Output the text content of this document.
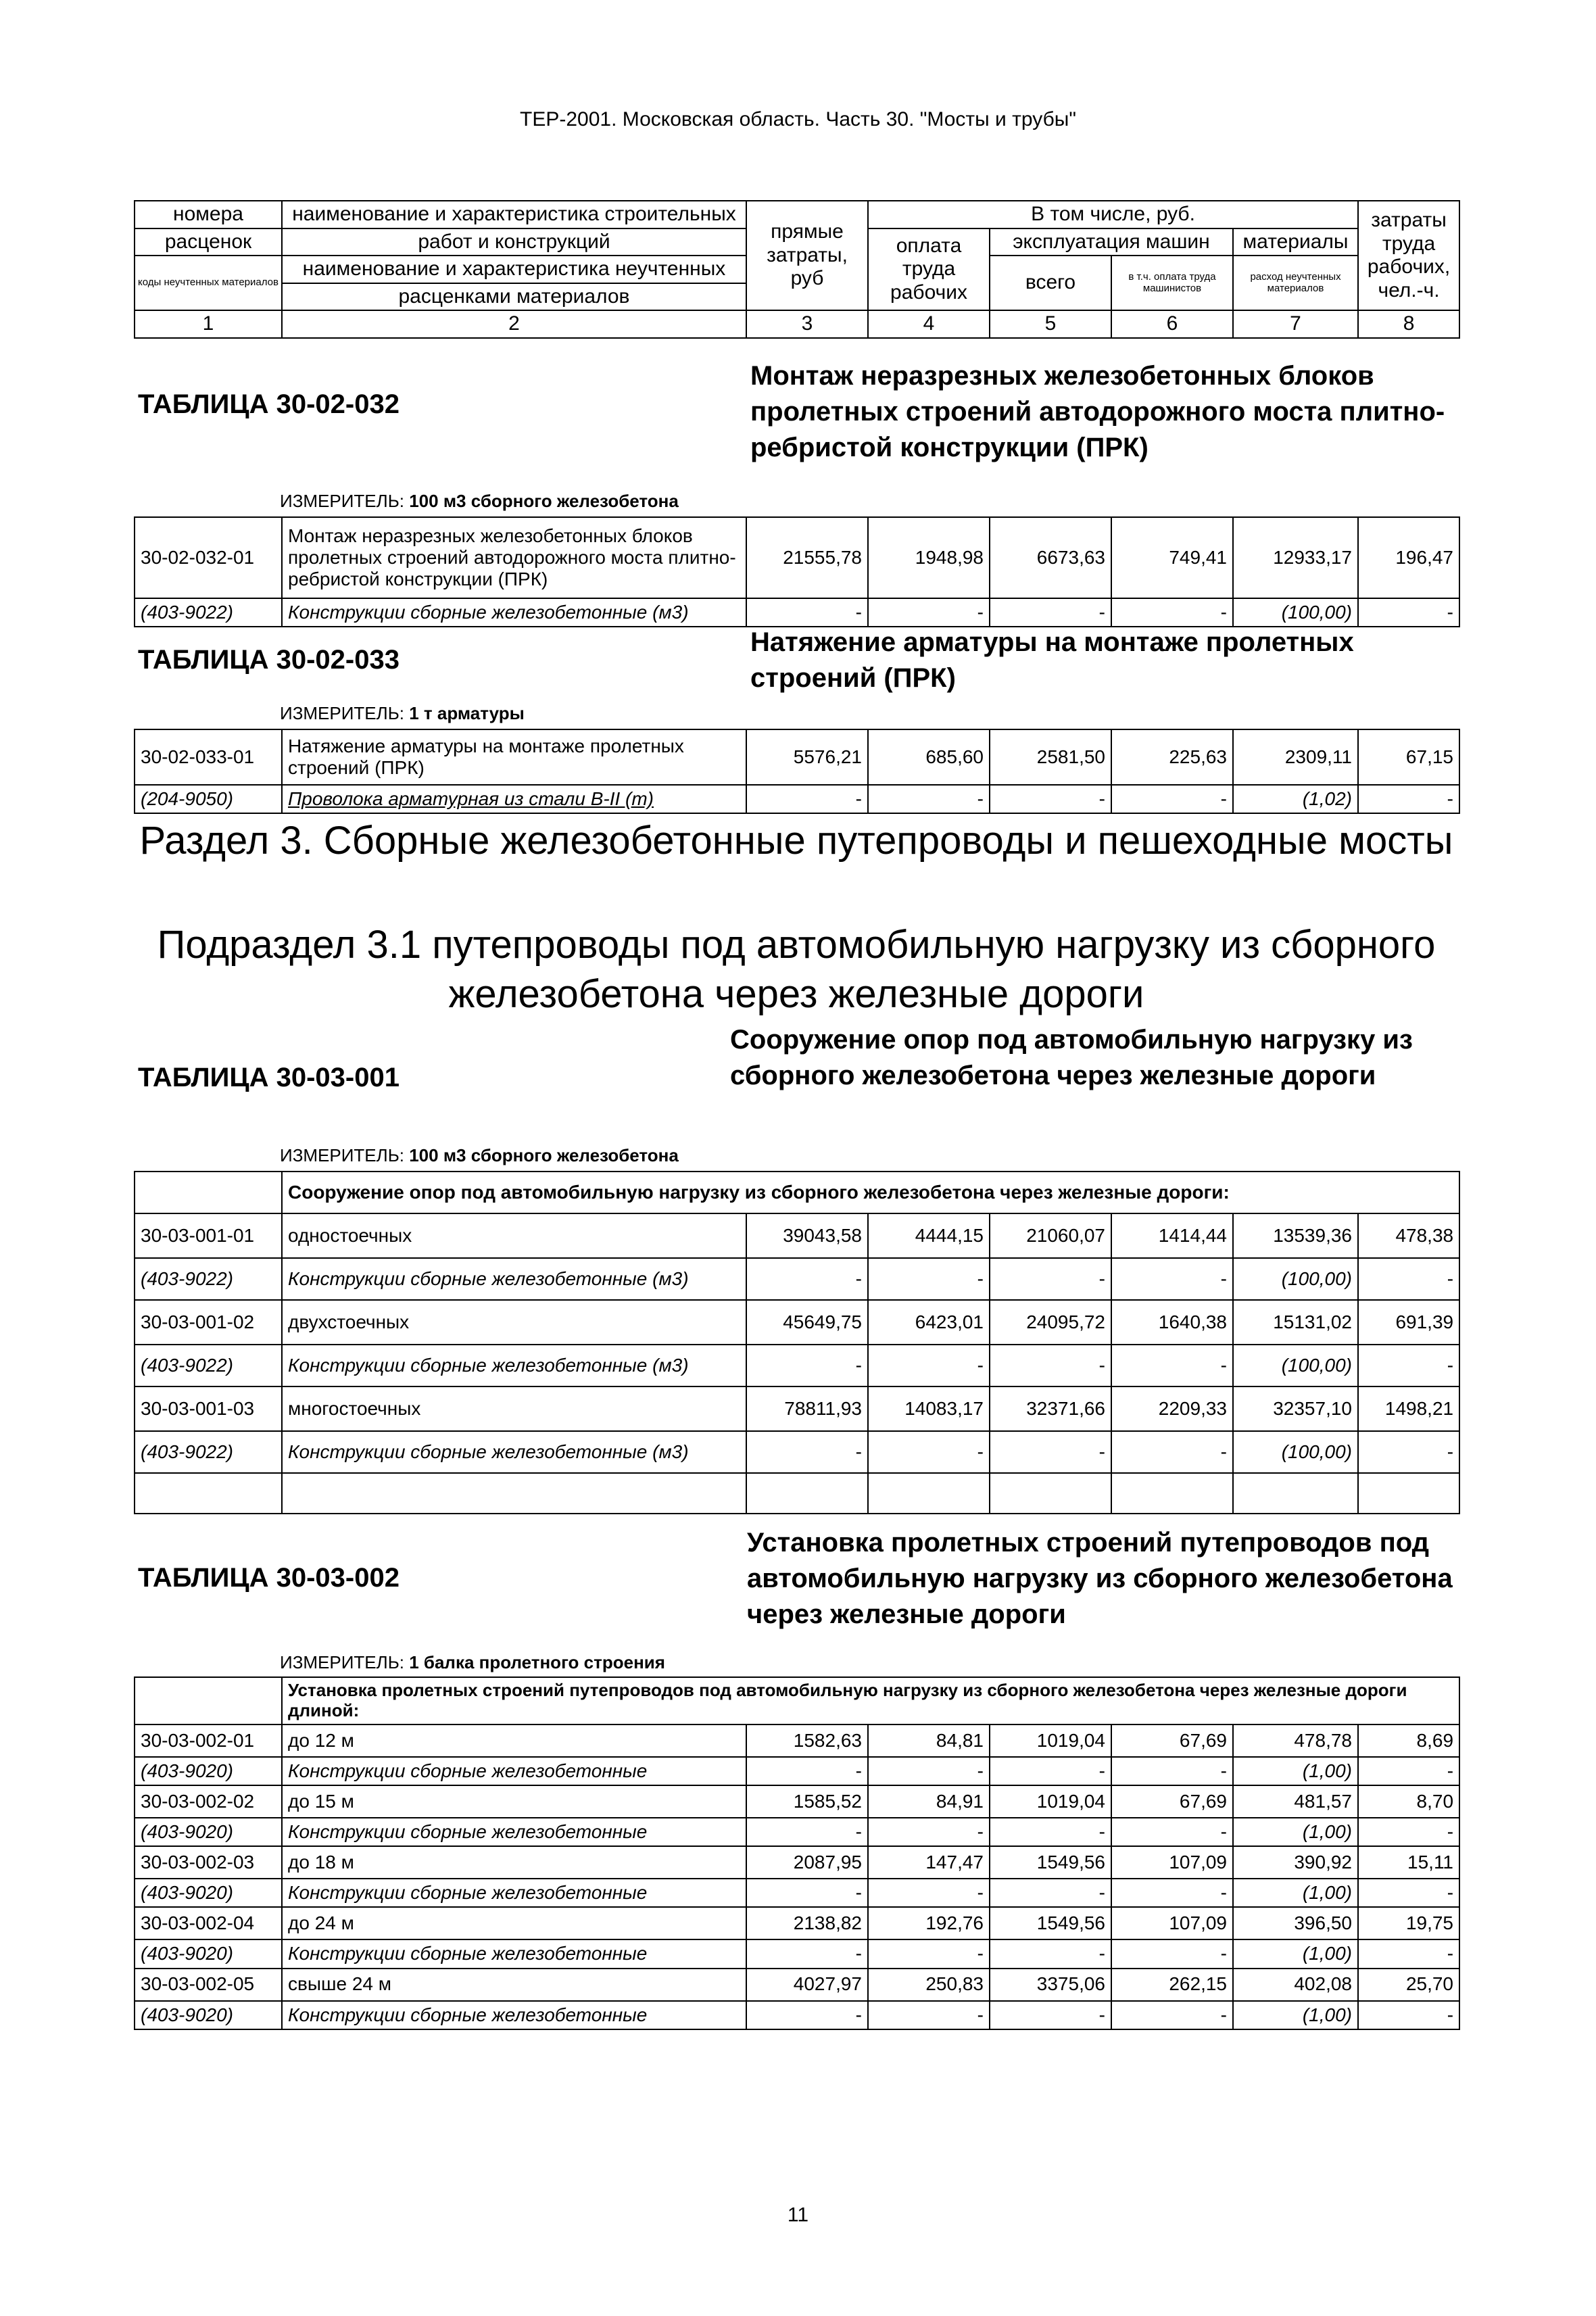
ТЕР-2001. Московская область. Часть 30. "Мосты и трубы"
номера	наименование и характеристика строительных	прямые затраты, руб	В том числе, руб.				затраты труда рабочих, чел.-ч.
расценок	работ и конструкций		оплата труда рабочих	эксплуатация машин		материалы	
коды неучтенных материалов	наименование и характеристика неучтенных			всего	в т.ч. оплата труда машинистов	расход неучтенных материалов	
	расценками материалов						
1	2	3	4	5	6	7	8
ТАБЛИЦА 30-02-032
Монтаж неразрезных железобетонных блоков пролетных строений автодорожного моста плитно-ребристой конструкции (ПРК)
ИЗМЕРИТЕЛЬ: 100 м3 сборного железобетона
30-02-032-01	Монтаж неразрезных железобетонных блоков пролетных строений автодорожного моста плитно-ребристой конструкции (ПРК)	21555,78	1948,98	6673,63	749,41	12933,17	196,47
(403-9022)	Конструкции сборные железобетонные (м3)	-	-	-	-	(100,00)	-
ТАБЛИЦА 30-02-033
Натяжение арматуры на монтаже пролетных строений (ПРК)
ИЗМЕРИТЕЛЬ: 1 т арматуры
30-02-033-01	Натяжение арматуры на монтаже пролетных строений (ПРК)	5576,21	685,60	2581,50	225,63	2309,11	67,15
(204-9050)	Проволока арматурная из стали В-II (т)	-	-	-	-	(1,02)	-
Раздел 3. Сборные железобетонные путепроводы и пешеходные мосты
Подраздел 3.1 путепроводы под автомобильную нагрузку из сборного железобетона через железные дороги
ТАБЛИЦА 30-03-001
Сооружение опор под автомобильную нагрузку из сборного железобетона через железные дороги
ИЗМЕРИТЕЛЬ: 100 м3 сборного железобетона
	Сооружение опор под автомобильную нагрузку из сборного железобетона через железные дороги:						
30-03-001-01	одностоечных	39043,58	4444,15	21060,07	1414,44	13539,36	478,38
(403-9022)	Конструкции сборные железобетонные (м3)	-	-	-	-	(100,00)	-
30-03-001-02	двухстоечных	45649,75	6423,01	24095,72	1640,38	15131,02	691,39
(403-9022)	Конструкции сборные железобетонные (м3)	-	-	-	-	(100,00)	-
30-03-001-03	многостоечных	78811,93	14083,17	32371,66	2209,33	32357,10	1498,21
(403-9022)	Конструкции сборные железобетонные (м3)	-	-	-	-	(100,00)	-

ТАБЛИЦА 30-03-002
Установка пролетных строений путепроводов под автомобильную нагрузку из сборного железобетона через железные дороги
ИЗМЕРИТЕЛЬ: 1 балка пролетного строения
	Установка пролетных строений путепроводов под автомобильную нагрузку из сборного железобетона через железные дороги длиной:						
30-03-002-01	до 12 м	1582,63	84,81	1019,04	67,69	478,78	8,69
(403-9020)	Конструкции сборные железобетонные	-	-	-	-	(1,00)	-
30-03-002-02	до 15 м	1585,52	84,91	1019,04	67,69	481,57	8,70
(403-9020)	Конструкции сборные железобетонные	-	-	-	-	(1,00)	-
30-03-002-03	до 18 м	2087,95	147,47	1549,56	107,09	390,92	15,11
(403-9020)	Конструкции сборные железобетонные	-	-	-	-	(1,00)	-
30-03-002-04	до 24 м	2138,82	192,76	1549,56	107,09	396,50	19,75
(403-9020)	Конструкции сборные железобетонные	-	-	-	-	(1,00)	-
30-03-002-05	свыше 24 м	4027,97	250,83	3375,06	262,15	402,08	25,70
(403-9020)	Конструкции сборные железобетонные	-	-	-	-	(1,00)	-
11
